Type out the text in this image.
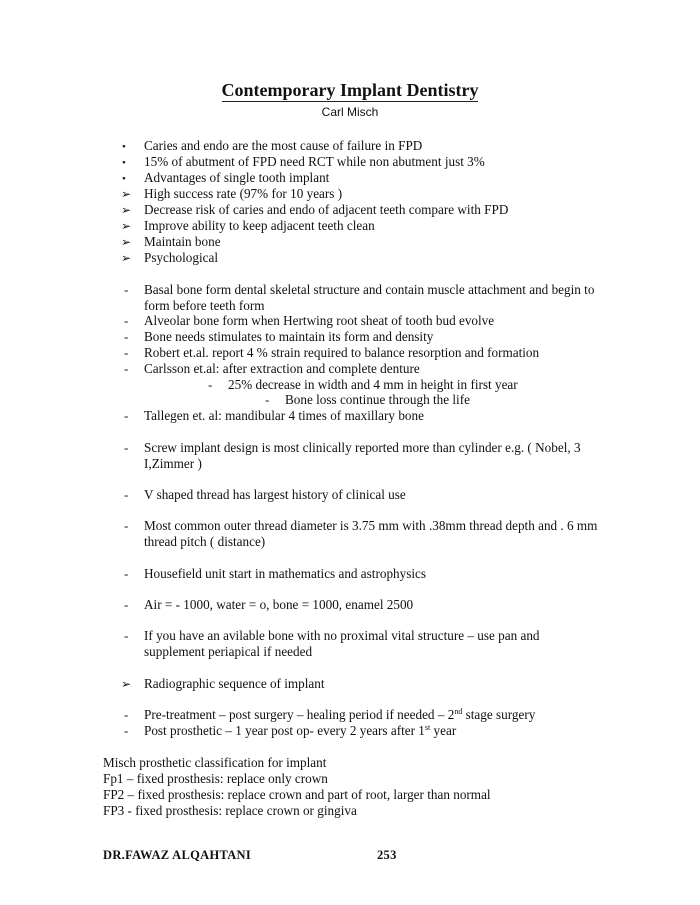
Contemporary Implant Dentistry
Carl Misch
• Caries and endo are the most cause of failure in FPD
• 15% of abutment of FPD need RCT while non abutment just 3%
• Advantages of single tooth implant
➢ High success rate (97% for 10 years )
➢ Decrease risk of caries and endo of adjacent teeth compare with FPD
➢ Improve ability to keep adjacent teeth clean
➢ Maintain bone
➢ Psychological
- Basal bone form dental skeletal structure and contain muscle attachment and begin to form before teeth form
- Alveolar bone form when Hertwing root sheat of tooth bud evolve
- Bone needs stimulates to maintain its form and density
- Robert et.al. report 4 % strain required to balance resorption and formation
- Carlsson et.al: after extraction and complete denture
- 25% decrease in width and 4 mm in height in first year
- Bone loss continue through the life
- Tallegen et. al: mandibular 4 times of maxillary bone
- Screw implant design is most clinically reported more than cylinder e.g. ( Nobel, 3 I,Zimmer )
- V shaped thread has largest history of clinical use
- Most common outer thread diameter is 3.75 mm with .38mm thread depth and . 6 mm thread pitch ( distance)
- Housefield unit start in mathematics and astrophysics
- Air = - 1000, water = o, bone = 1000, enamel 2500
- If you have an avilable bone with no proximal vital structure – use pan and supplement periapical if needed
➢ Radiographic sequence of implant
- Pre-treatment – post surgery – healing period if needed – 2nd stage surgery
- Post prosthetic – 1 year post op- every 2 years after 1st year
Misch prosthetic classification for implant
Fp1 – fixed prosthesis: replace only crown
FP2 – fixed prosthesis: replace crown and part of root, larger than normal
FP3 - fixed prosthesis: replace crown or gingiva
DR.FAWAZ ALQAHTANI	253
